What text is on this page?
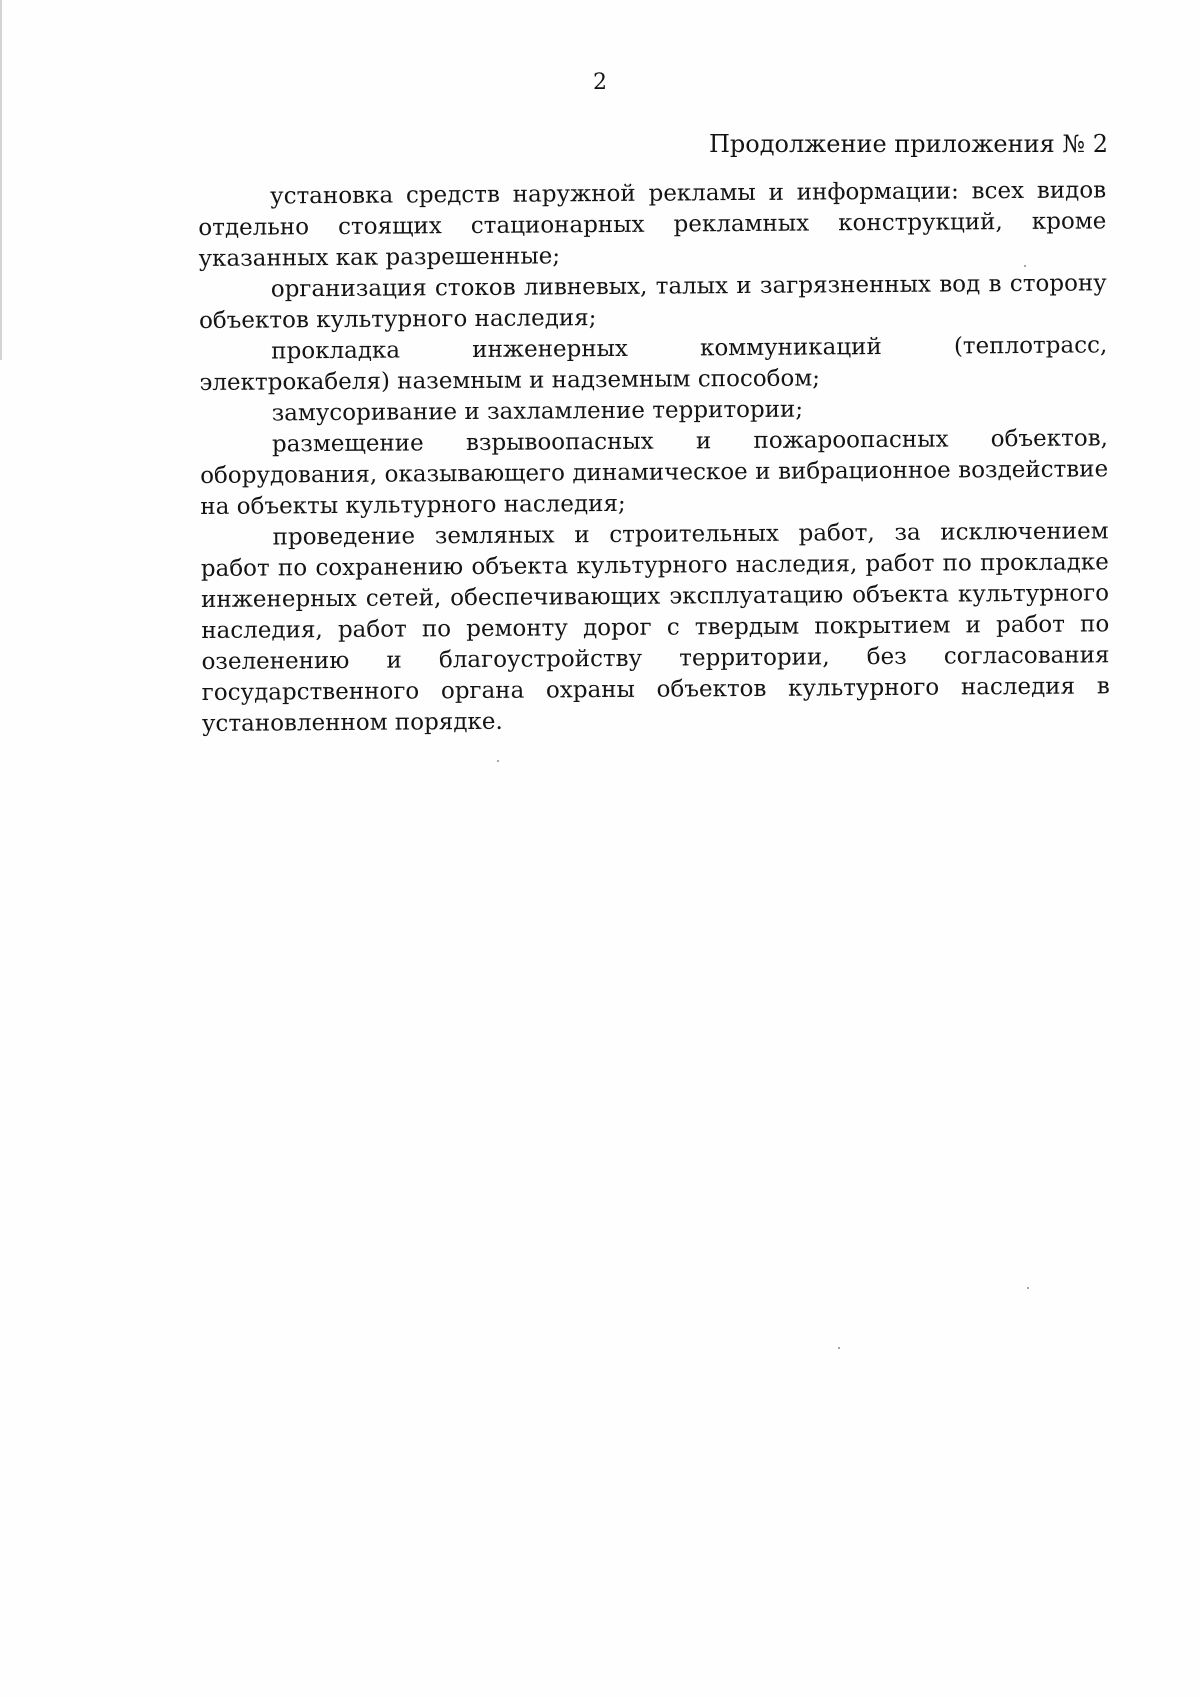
2
Продолжение приложения № 2

установка средств наружной рекламы и информации: всех видов отдельно стоящих стационарных рекламных конструкций, кроме указанных как разрешенные;

организация стоков ливневых, талых и загрязненных вод в сторону объектов культурного наследия;

прокладка инженерных коммуникаций (теплотрасс, электрокабеля) наземным и надземным способом;

замусоривание и захламление территории;

размещение взрывоопасных и пожароопасных объектов, оборудования, оказывающего динамическое и вибрационное воздействие на объекты культурного наследия;

проведение земляных и строительных работ, за исключением работ по сохранению объекта культурного наследия, работ по прокладке инженерных сетей, обеспечивающих эксплуатацию объекта культурного наследия, работ по ремонту дорог с твердым покрытием и работ по озеленению и благоустройству территории, без согласования государственного органа охраны объектов культурного наследия в установленном порядке.
